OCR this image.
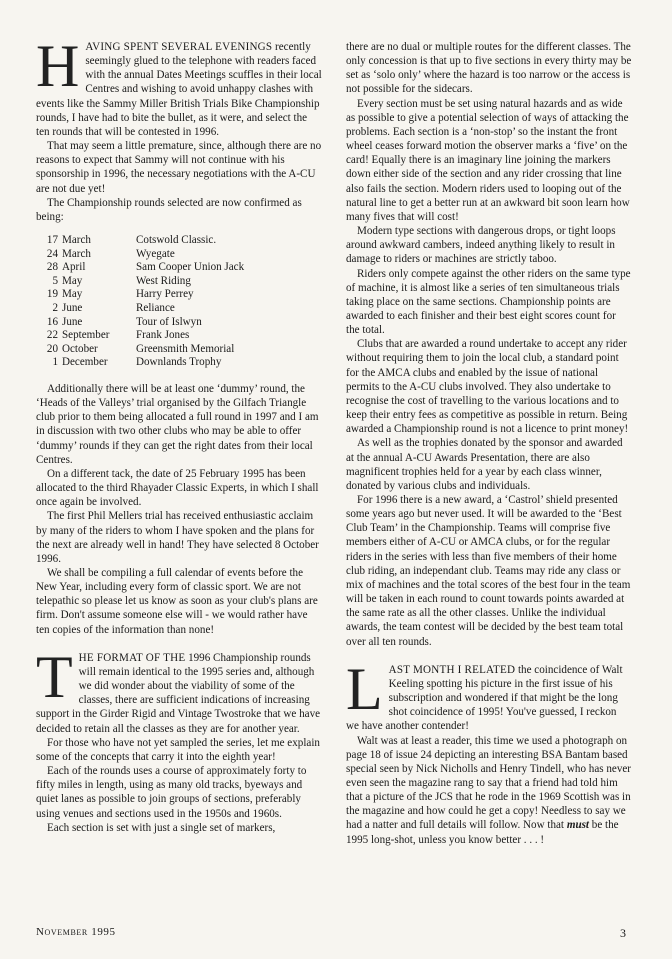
HAVING SPENT SEVERAL EVENINGS recently seemingly glued to the telephone with readers faced with the annual Dates Meetings scuffles in their local Centres and wishing to avoid unhappy clashes with events like the Sammy Miller British Trials Bike Championship rounds, I have had to bite the bullet, as it were, and select the ten rounds that will be contested in 1996.

That may seem a little premature, since, although there are no reasons to expect that Sammy will not continue with his sponsorship in 1996, the necessary negotiations with the A-CU are not due yet!

The Championship rounds selected are now confirmed as being:

17 March	Cotswold Classic.
24 March	Wyegate
28 April	Sam Cooper Union Jack
5 May	West Riding
19 May	Harry Perrey
2 June	Reliance
16 June	Tour of Islwyn
22 September	Frank Jones
20 October	Greensmith Memorial
1 December	Downlands Trophy

Additionally there will be at least one ‘dummy’ round, the ‘Heads of the Valleys’ trial organised by the Gilfach Triangle club prior to them being allocated a full round in 1997 and I am in discussion with two other clubs who may be able to offer ‘dummy’ rounds if they can get the right dates from their local Centres.

On a different tack, the date of 25 February 1995 has been allocated to the third Rhayader Classic Experts, in which I shall once again be involved.

The first Phil Mellers trial has received enthusiastic acclaim by many of the riders to whom I have spoken and the plans for the next are already well in hand! They have selected 8 October 1996.

We shall be compiling a full calendar of events before the New Year, including every form of classic sport. We are not telepathic so please let us know as soon as your club's plans are firm. Don't assume someone else will - we would rather have ten copies of the information than none!

THE FORMAT OF THE 1996 Championship rounds will remain identical to the 1995 series and, although we did wonder about the viability of some of the classes, there are sufficient indications of increasing support in the Girder Rigid and Vintage Twostroke that we have decided to retain all the classes as they are for another year.

For those who have not yet sampled the series, let me explain some of the concepts that carry it into the eighth year!

Each of the rounds uses a course of approximately forty to fifty miles in length, using as many old tracks, byeways and quiet lanes as possible to join groups of sections, preferably using venues and sections used in the 1950s and 1960s.

Each section is set with just a single set of markers,

there are no dual or multiple routes for the different classes. The only concession is that up to five sections in every thirty may be set as ‘solo only’ where the hazard is too narrow or the access is not possible for the sidecars.

Every section must be set using natural hazards and as wide as possible to give a potential selection of ways of attacking the problems. Each section is a ‘non-stop’ so the instant the front wheel ceases forward motion the observer marks a ‘five’ on the card! Equally there is an imaginary line joining the markers down either side of the section and any rider crossing that line also fails the section. Modern riders used to looping out of the natural line to get a better run at an awkward bit soon learn how many fives that will cost!

Modern type sections with dangerous drops, or tight loops around awkward cambers, indeed anything likely to result in damage to riders or machines are strictly taboo.

Riders only compete against the other riders on the same type of machine, it is almost like a series of ten simultaneous trials taking place on the same sections. Championship points are awarded to each finisher and their best eight scores count for the total.

Clubs that are awarded a round undertake to accept any rider without requiring them to join the local club, a standard point for the AMCA clubs and enabled by the issue of national permits to the A-CU clubs involved. They also undertake to recognise the cost of travelling to the various locations and to keep their entry fees as competitive as possible in return. Being awarded a Championship round is not a licence to print money!

As well as the trophies donated by the sponsor and awarded at the annual A-CU Awards Presentation, there are also magnificent trophies held for a year by each class winner, donated by various clubs and individuals.

For 1996 there is a new award, a ‘Castrol’ shield presented some years ago but never used. It will be awarded to the ‘Best Club Team’ in the Championship. Teams will comprise five members either of A-CU or AMCA clubs, or for the regular riders in the series with less than five members of their home club riding, an independant club. Teams may ride any class or mix of machines and the total scores of the best four in the team will be taken in each round to count towards points awarded at the same rate as all the other classes. Unlike the individual awards, the team contest will be decided by the best team total over all ten rounds.

LAST MONTH I RELATED the coincidence of Walt Keeling spotting his picture in the first issue of his subscription and wondered if that might be the long shot coincidence of 1995! You've guessed, I reckon we have another contender!

Walt was at least a reader, this time we used a photograph on page 18 of issue 24 depicting an interesting BSA Bantam based special seen by Nick Nicholls and Henry Tindell, who has never even seen the magazine rang to say that a friend had told him that a picture of the JCS that he rode in the 1969 Scottish was in the magazine and how could he get a copy! Needless to say we had a natter and full details will follow. Now that must be the 1995 long-shot, unless you know better . . . !

November 1995	3
